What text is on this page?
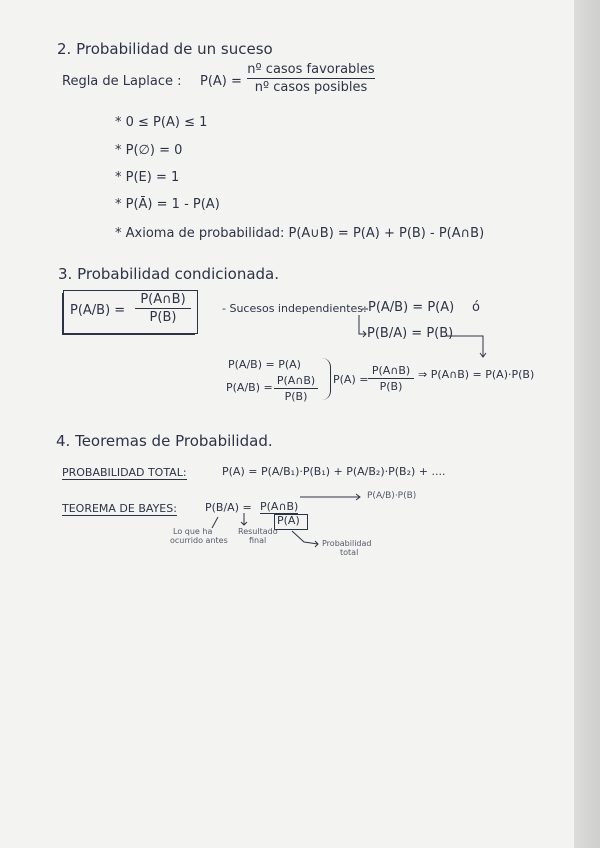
2. Probabilidad de un suceso
Regla de Laplace : P(A) =
nº casos favorables
nº casos posibles
* 0 ≤ P(A) ≤ 1
* P(∅) = 0
* P(E) = 1
* P(Ā) = 1 - P(A)
* Axioma de probabilidad: P(A∪B) = P(A) + P(B) - P(A∩B)
3. Probabilidad condicionada.
P(A/B) =
P(A∩B)
P(B)
- Sucesos independientes: P(A/B) = P(A) ó
P(B/A) = P(B)
P(A/B) = P(A)
P(A/B) =
P(A∩B)
P(B)
P(A) =
P(A∩B)
P(B)
⇒ P(A∩B) = P(A)·P(B)
4. Teoremas de Probabilidad.
PROBABILIDAD TOTAL:	P(A) = P(A/B₁)·P(B₁) + P(A/B₂)·P(B₂) + ....
TEOREMA DE BAYES:	P(B/A) = P(A∩B)
P(A)
P(A/B)·P(B)
Lo que ha
ocurrido antes
Resultado
final	Probabilidad
total
